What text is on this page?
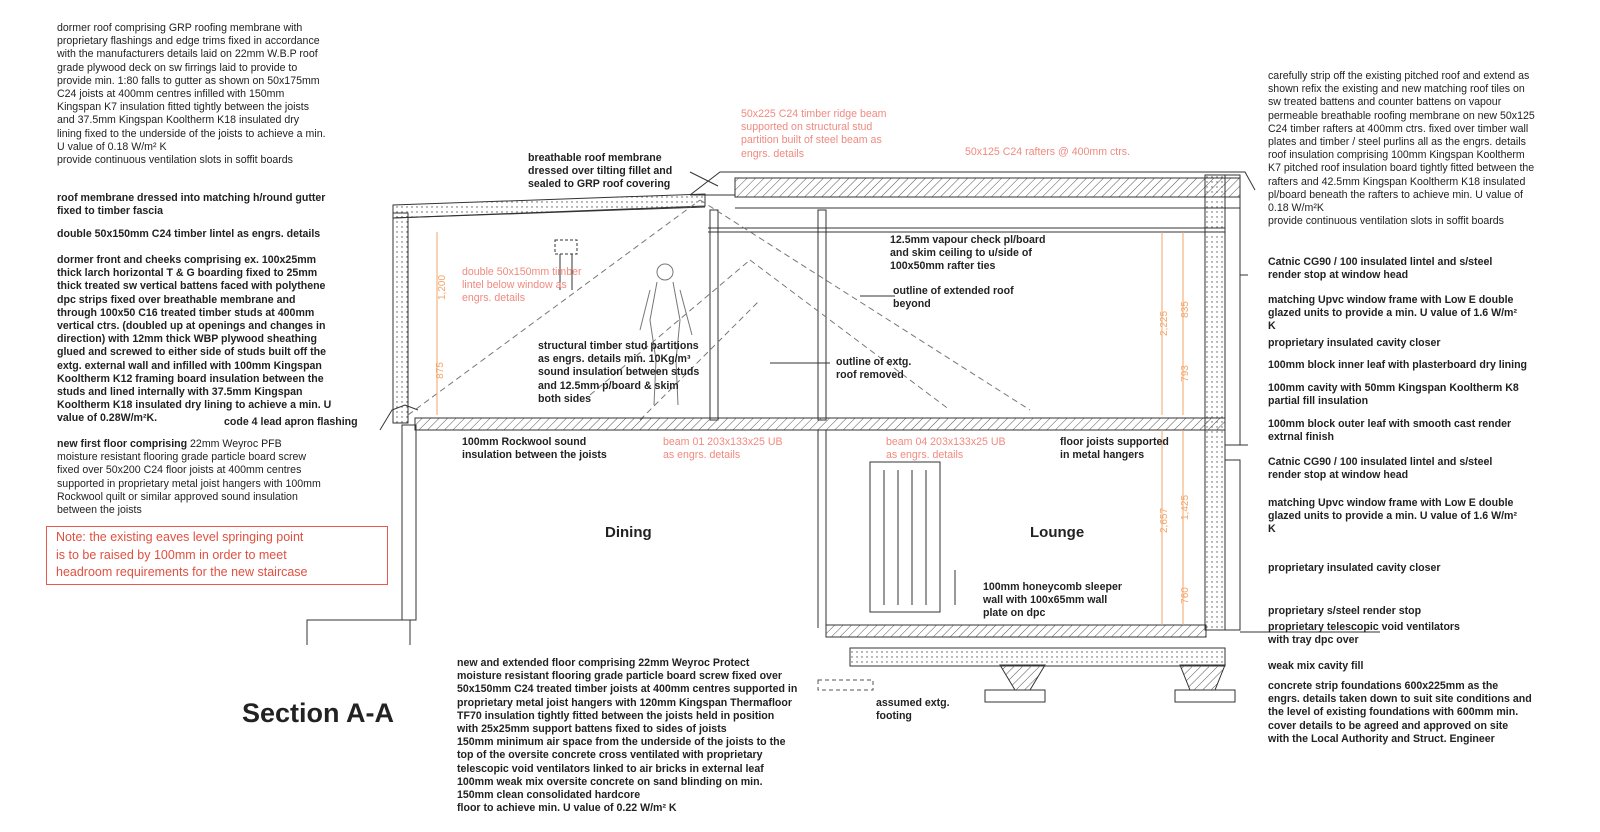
1,200
875
2,225
835
793
2,657
1,425
760

dormer roof comprising GRP roofing membrane with
proprietary flashings and edge trims fixed in accordance
with the manufacturers details laid on 22mm W.B.P roof
grade plywood deck on sw firrings laid to provide to
provide min. 1:80 falls to gutter as shown on 50x175mm
C24 joists at 400mm centres infilled with 150mm
Kingspan K7 insulation fitted tightly between the joists
and 37.5mm Kingspan Kooltherm K18 insulated dry
lining fixed to the underside of the joists to achieve a min.
U value of 0.18 W/m² K
provide continuous ventilation slots in soffit boards

roof membrane dressed into matching h/round gutter
fixed to timber fascia

double 50x150mm C24 timber lintel as engrs. details

dormer front and cheeks comprising ex. 100x25mm
thick larch horizontal T & G boarding fixed to 25mm
thick treated sw vertical battens faced with polythene
dpc strips fixed over breathable membrane and
through 100x50 C16 treated timber studs at 400mm
vertical ctrs. (doubled up at openings and changes in
direction) with 12mm thick WBP plywood sheathing
glued and screwed to either side of studs built off the
extg. external wall and infilled with 100mm Kingspan
Kooltherm K12 framing board insulation between the
studs and lined internally with 37.5mm Kingspan
Kooltherm K18 insulated dry lining to achieve a min. U
value of 0.28W/m²K.	code 4 lead apron flashing

new first floor comprising 22mm Weyroc PFB
moisture resistant flooring grade particle board screw
fixed over 50x200 C24 floor joists at 400mm centres
supported in proprietary metal joist hangers with 100mm
Rockwool quilt or similar approved sound insulation
between the joists

Note: the existing eaves level springing point
is to be raised by 100mm in order to meet
headroom requirements for the new staircase

Section A-A

50x225 C24 timber ridge beam
supported on structural stud
partition built of steel beam as
engrs. details	50x125 C24 rafters @ 400mm ctrs.

breathable roof membrane
dressed over tilting fillet and
sealed to GRP roof covering

double 50x150mm timber
lintel below window as
engrs. details

12.5mm vapour check pl/board
and skim ceiling to u/side of
100x50mm rafter ties

outline of extended roof
beyond

structural timber stud partitions
as engrs. details min. 10Kg/m³
sound insulation between studs
and 12.5mm p/board & skim
both sides

outline of extg.
roof removed

100mm Rockwool sound
insulation between the joists

beam 01 203x133x25 UB
as engrs. details

beam 04 203x133x25 UB
as engrs. details

floor joists supported
in metal hangers

Dining	Lounge

100mm honeycomb sleeper
wall with 100x65mm wall
plate on dpc

assumed extg.
footing

new and extended floor comprising 22mm Weyroc Protect
moisture resistant flooring grade particle board screw fixed over
50x150mm C24 treated timber joists at 400mm centres supported in
proprietary metal joist hangers with 120mm Kingspan Thermafloor
TF70 insulation tightly fitted between the joists held in position
with 25x25mm support battens fixed to sides of joists
150mm minimum air space from the underside of the joists to the
top of the oversite concrete cross ventilated with proprietary
telescopic void ventilators linked to air bricks in external leaf
100mm weak mix oversite concrete on sand blinding on min.
150mm clean consolidated hardcore
floor to achieve min. U value of 0.22 W/m² K

carefully strip off the existing pitched roof and extend as
shown refix the existing and new matching roof tiles on
sw treated battens and counter battens on vapour
permeable breathable roofing membrane on new 50x125
C24 timber rafters at 400mm ctrs. fixed over timber wall
plates and timber / steel purlins all as the engrs. details
roof insulation comprising 100mm Kingspan Kooltherm
K7 pitched roof insulation board tightly fitted between the
rafters and 42.5mm Kingspan Kooltherm K18 insulated
pl/board beneath the rafters to achieve min. U value of
0.18 W/m²K
provide continuous ventilation slots in soffit boards

Catnic CG90 / 100 insulated lintel and s/steel
render stop at window head

matching Upvc window frame with Low E double
glazed units to provide a min. U value of 1.6 W/m²
K

proprietary insulated cavity closer

100mm block inner leaf with plasterboard dry lining

100mm cavity with 50mm Kingspan Kooltherm K8
partial fill insulation

100mm block outer leaf with smooth cast render
extrnal finish

Catnic CG90 / 100 insulated lintel and s/steel
render stop at window head

matching Upvc window frame with Low E double
glazed units to provide a min. U value of 1.6 W/m²
K

proprietary insulated cavity closer

proprietary s/steel render stop

proprietary telescopic void ventilators
with tray dpc over

weak mix cavity fill

concrete strip foundations 600x225mm as the
engrs. details taken down to suit site conditions and
the level of existing foundations with 600mm min.
cover details to be agreed and approved on site
with the Local Authority and Struct. Engineer
